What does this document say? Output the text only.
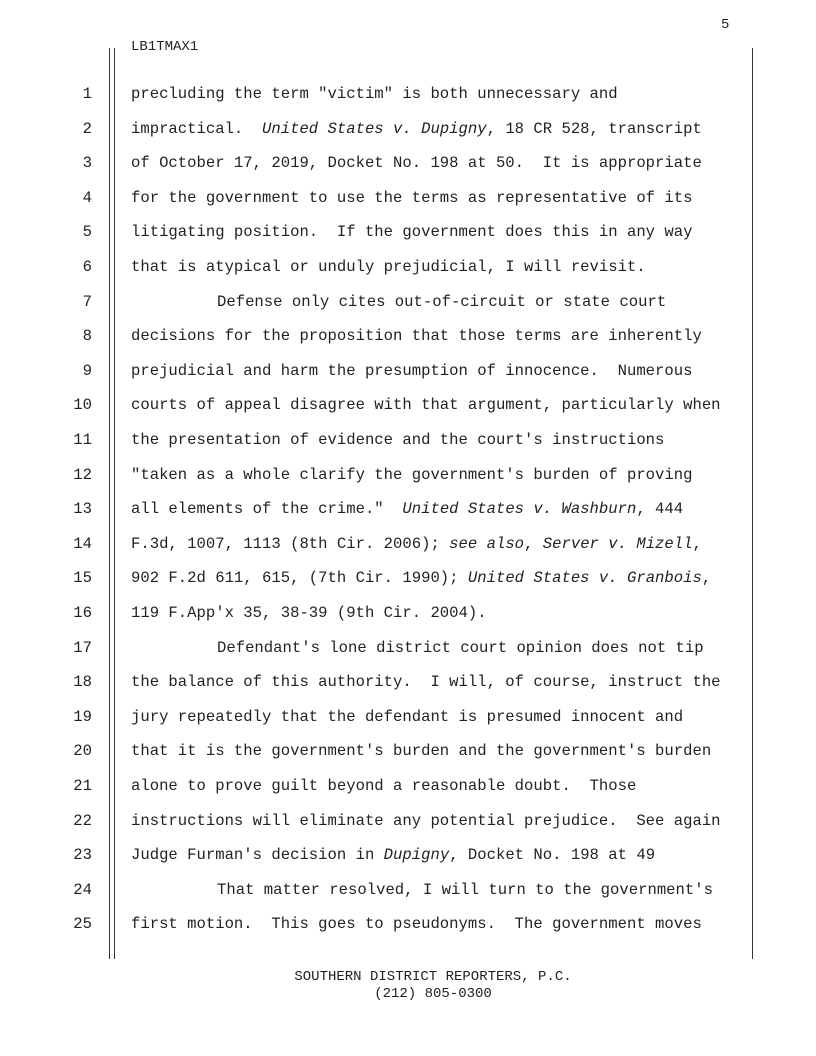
5
LB1TMAX1
1	precluding the term "victim" is both unnecessary and
2	impractical.  United States v. Dupigny, 18 CR 528, transcript
3	of October 17, 2019, Docket No. 198 at 50.  It is appropriate
4	for the government to use the terms as representative of its
5	litigating position.  If the government does this in any way
6	that is atypical or unduly prejudicial, I will revisit.
7	Defense only cites out-of-circuit or state court
8	decisions for the proposition that those terms are inherently
9	prejudicial and harm the presumption of innocence.  Numerous
10	courts of appeal disagree with that argument, particularly when
11	the presentation of evidence and the court's instructions
12	"taken as a whole clarify the government's burden of proving
13	all elements of the crime."  United States v. Washburn, 444
14	F.3d, 1007, 1113 (8th Cir. 2006); see also, Server v. Mizell,
15	902 F.2d 611, 615, (7th Cir. 1990); United States v. Granbois,
16	119 F.App'x 35, 38-39 (9th Cir. 2004).
17	Defendant's lone district court opinion does not tip
18	the balance of this authority.  I will, of course, instruct the
19	jury repeatedly that the defendant is presumed innocent and
20	that it is the government's burden and the government's burden
21	alone to prove guilt beyond a reasonable doubt.  Those
22	instructions will eliminate any potential prejudice.  See again
23	Judge Furman's decision in Dupigny, Docket No. 198 at 49
24	That matter resolved, I will turn to the government's
25	first motion.  This goes to pseudonyms.  The government moves
SOUTHERN DISTRICT REPORTERS, P.C.
(212) 805-0300
